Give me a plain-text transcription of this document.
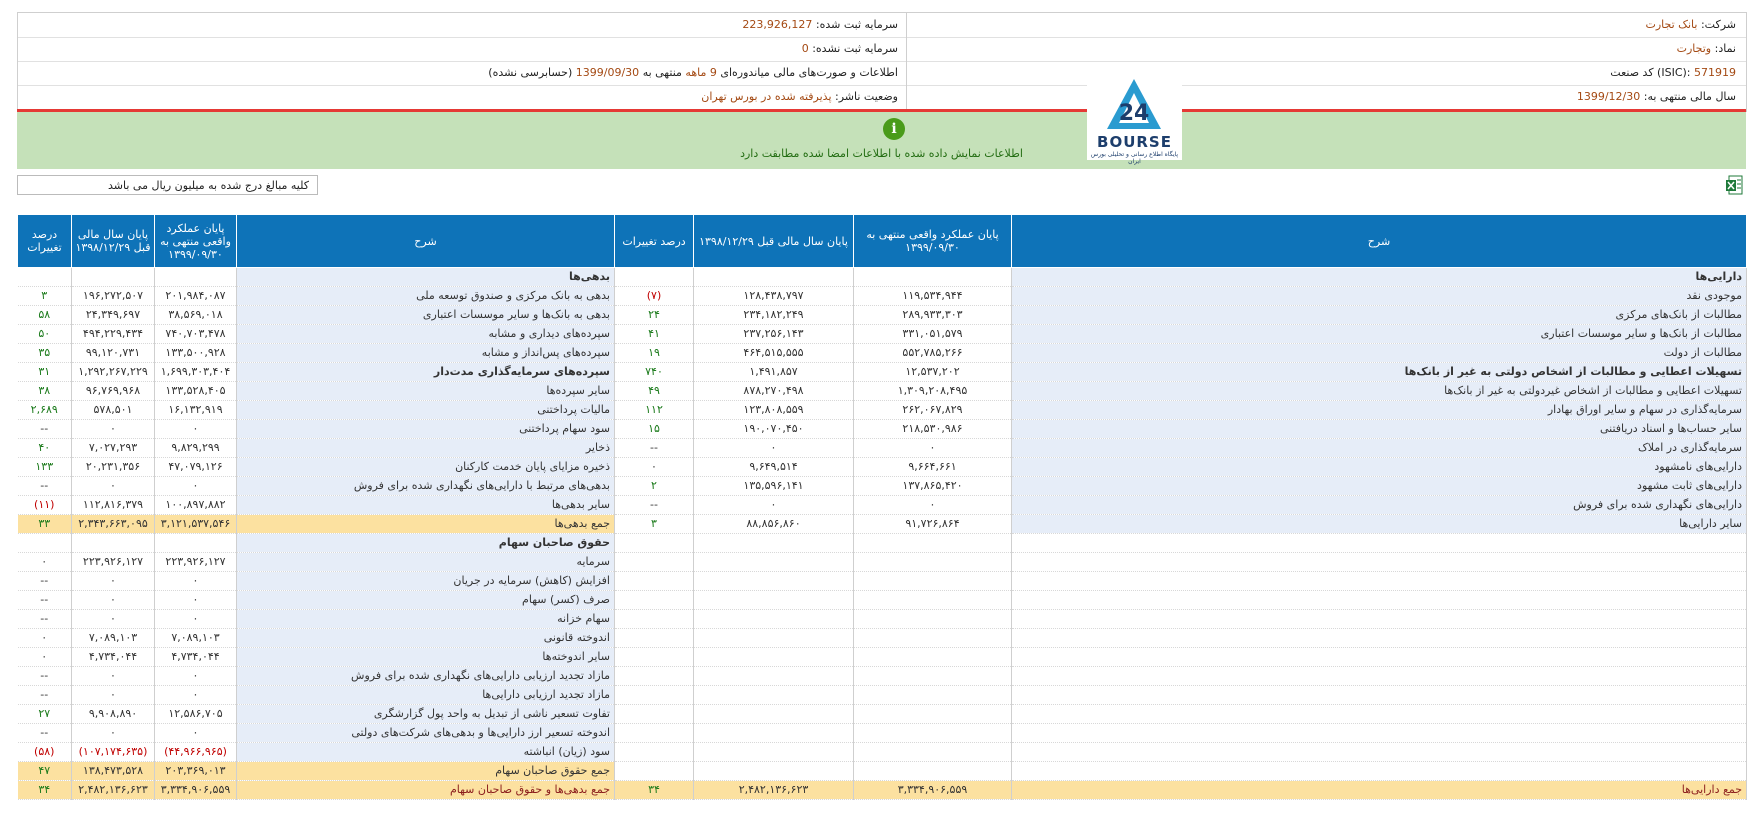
شرکت: بانک تجارت
نماد: وتجارت
کد صنعت (ISIC): 571919
سال مالی منتهی به: 1399/12/30
سرمایه ثبت شده: 223,926,127
سرمایه ثبت نشده: 0
اطلاعات و صورت‌های مالی میاندوره‌ای 9 ماهه منتهی به 1399/09/30 (حسابرسی نشده)
وضعیت ناشر: پذیرفته شده در بورس تهران
i
اطلاعات نمایش داده شده با اطلاعات امضا شده مطابقت دارد
24
BOURSE
پایگاه اطلاع رسانی و تحلیلی بورس ایران
کلیه مبالغ درج شده به میلیون ریال می باشد
شرح	پایان عملکرد واقعی منتهی به ۱۳۹۹/۰۹/۳۰	پایان سال مالی قبل ۱۳۹۸/۱۲/۲۹	درصد تغییرات	شرح	پایان عملکرد واقعی منتهی به ۱۳۹۹/۰۹/۳۰	پایان سال مالی قبل ۱۳۹۸/۱۲/۲۹	درصد تغییرات
دارایی‌ها				بدهی‌ها			
موجودی نقد	۱۱۹,۵۳۴,۹۴۴	۱۲۸,۴۳۸,۷۹۷	(۷)	بدهی به بانک مرکزی و صندوق توسعه ملی	۲۰۱,۹۸۴,۰۸۷	۱۹۶,۲۷۲,۵۰۷	۳
مطالبات از بانک‌های مرکزی	۲۸۹,۹۳۳,۳۰۳	۲۳۴,۱۸۲,۲۴۹	۲۴	بدهی به بانک‌ها و سایر موسسات اعتباری	۳۸,۵۶۹,۰۱۸	۲۴,۳۴۹,۶۹۷	۵۸
مطالبات از بانک‌ها و سایر موسسات اعتباری	۳۳۱,۰۵۱,۵۷۹	۲۳۷,۲۵۶,۱۴۳	۴۱	سپرده‌های دیداری و مشابه	۷۴۰,۷۰۳,۴۷۸	۴۹۴,۲۲۹,۴۳۴	۵۰
مطالبات از دولت	۵۵۲,۷۸۵,۲۶۶	۴۶۴,۵۱۵,۵۵۵	۱۹	سپرده‌های پس‌انداز و مشابه	۱۳۳,۵۰۰,۹۲۸	۹۹,۱۲۰,۷۳۱	۳۵
تسهیلات اعطایی و مطالبات از اشخاص دولتی به غیر از بانک‌ها	۱۲,۵۳۷,۲۰۲	۱,۴۹۱,۸۵۷	۷۴۰	سپرده‌های سرمایه‌گذاری مدت‌دار	۱,۶۹۹,۳۰۳,۴۰۴	۱,۲۹۲,۲۶۷,۲۲۹	۳۱
تسهیلات اعطایی و مطالبات از اشخاص غیردولتی به غیر از بانک‌ها	۱,۳۰۹,۲۰۸,۴۹۵	۸۷۸,۲۷۰,۴۹۸	۴۹	سایر سپرده‌ها	۱۳۳,۵۲۸,۴۰۵	۹۶,۷۶۹,۹۶۸	۳۸
سرمایه‌گذاری در سهام و سایر اوراق بهادار	۲۶۲,۰۶۷,۸۲۹	۱۲۳,۸۰۸,۵۵۹	۱۱۲	مالیات پرداختنی	۱۶,۱۳۲,۹۱۹	۵۷۸,۵۰۱	۲,۶۸۹
سایر حساب‌ها و اسناد دریافتنی	۲۱۸,۵۳۰,۹۸۶	۱۹۰,۰۷۰,۴۵۰	۱۵	سود سهام پرداختنی	۰	۰	--
سرمایه‌گذاری در املاک	۰	۰	--	ذخایر	۹,۸۲۹,۲۹۹	۷,۰۲۷,۲۹۳	۴۰
دارایی‌های نامشهود	۹,۶۶۴,۶۶۱	۹,۶۴۹,۵۱۴	۰	ذخیره مزایای پایان خدمت کارکنان	۴۷,۰۷۹,۱۲۶	۲۰,۲۳۱,۳۵۶	۱۳۳
دارایی‌های ثابت مشهود	۱۳۷,۸۶۵,۴۲۰	۱۳۵,۵۹۶,۱۴۱	۲	بدهی‌های مرتبط با دارایی‌های نگهداری شده برای فروش	۰	۰	--
دارایی‌های نگهداری شده برای فروش	۰	۰	--	سایر بدهی‌ها	۱۰۰,۸۹۷,۸۸۲	۱۱۲,۸۱۶,۳۷۹	(۱۱)
سایر دارایی‌ها	۹۱,۷۲۶,۸۶۴	۸۸,۸۵۶,۸۶۰	۳	جمع بدهی‌ها	۳,۱۲۱,۵۳۷,۵۴۶	۲,۳۴۳,۶۶۳,۰۹۵	۳۳
				حقوق صاحبان سهام			
				سرمایه	۲۲۳,۹۲۶,۱۲۷	۲۲۳,۹۲۶,۱۲۷	۰
				افزایش (کاهش) سرمایه در جریان	۰	۰	--
				صرف (کسر) سهام	۰	۰	--
				سهام خزانه	۰	۰	--
				اندوخته قانونی	۷,۰۸۹,۱۰۳	۷,۰۸۹,۱۰۳	۰
				سایر اندوخته‌ها	۴,۷۳۴,۰۴۴	۴,۷۳۴,۰۴۴	۰
				مازاد تجدید ارزیابی دارایی‌های نگهداری شده برای فروش	۰	۰	--
				مازاد تجدید ارزیابی دارایی‌ها	۰	۰	--
				تفاوت تسعیر ناشی از تبدیل به واحد پول گزارشگری	۱۲,۵۸۶,۷۰۵	۹,۹۰۸,۸۹۰	۲۷
				اندوخته تسعیر ارز دارایی‌ها و بدهی‌های شرکت‌های دولتی	۰	۰	--
				سود (زیان) انباشته	(۴۴,۹۶۶,۹۶۵)	(۱۰۷,۱۷۴,۶۳۵)	(۵۸)
				جمع حقوق صاحبان سهام	۲۰۳,۳۶۹,۰۱۳	۱۳۸,۴۷۳,۵۲۸	۴۷
جمع دارایی‌ها	۳,۳۳۴,۹۰۶,۵۵۹	۲,۴۸۲,۱۳۶,۶۲۳	۳۴	جمع بدهی‌ها و حقوق صاحبان سهام	۳,۳۳۴,۹۰۶,۵۵۹	۲,۴۸۲,۱۳۶,۶۲۳	۳۴
